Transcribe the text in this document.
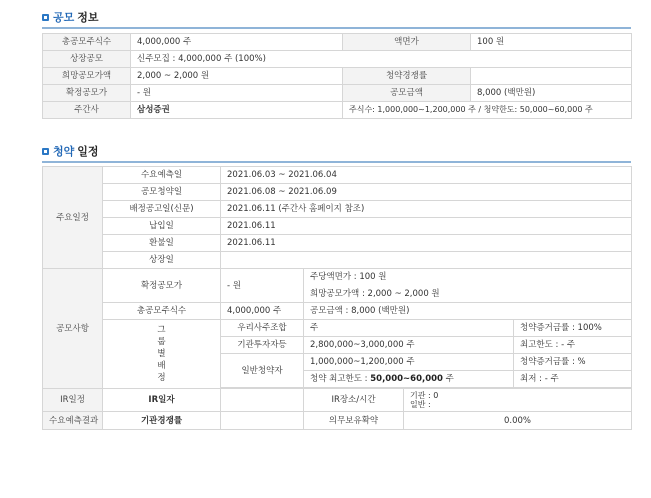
공모 정보
총공모주식수	4,000,000 주	액면가	100 원
상장공모	신주모집 : 4,000,000 주 (100%)		
희망공모가액	2,000 ~ 2,000 원	청약경쟁률	
확정공모가	- 원	공모금액	8,000 (백만원)
주간사	삼성증권	주식수: 1,000,000~1,200,000 주 / 청약한도: 50,000~60,000 주	
청약 일정
주요일정	수요예측일	2021.06.03 ~ 2021.06.04			
	공모청약일	2021.06.08 ~ 2021.06.09			
	배정공고일(신문)	2021.06.11 (주간사 홈페이지 참조)			
	납입일	2021.06.11			
	환불일	2021.06.11			
	상장일				
공모사항	확정공모가	- 원	주당액면가 : 100 원		
			희망공모가액 : 2,000 ~ 2,000 원		
	총공모주식수	4,000,000 주	공모금액 : 8,000 (백만원)		

	그
룹
별
배
정	우리사주조합	주		청약증거금률 : 100%
		기관투자자등	2,800,000~3,000,000 주		최고한도 : - 주
		일반청약자	1,000,000~1,200,000 주		청약증거금률 : %
			청약 최고한도 : 50,000~60,000 주		최저 : - 주

IR일정	IR일자		IR장소/시간	기관 : 0
일반 :	

수요예측결과	기관경쟁률		의무보유확약	0.00%	
